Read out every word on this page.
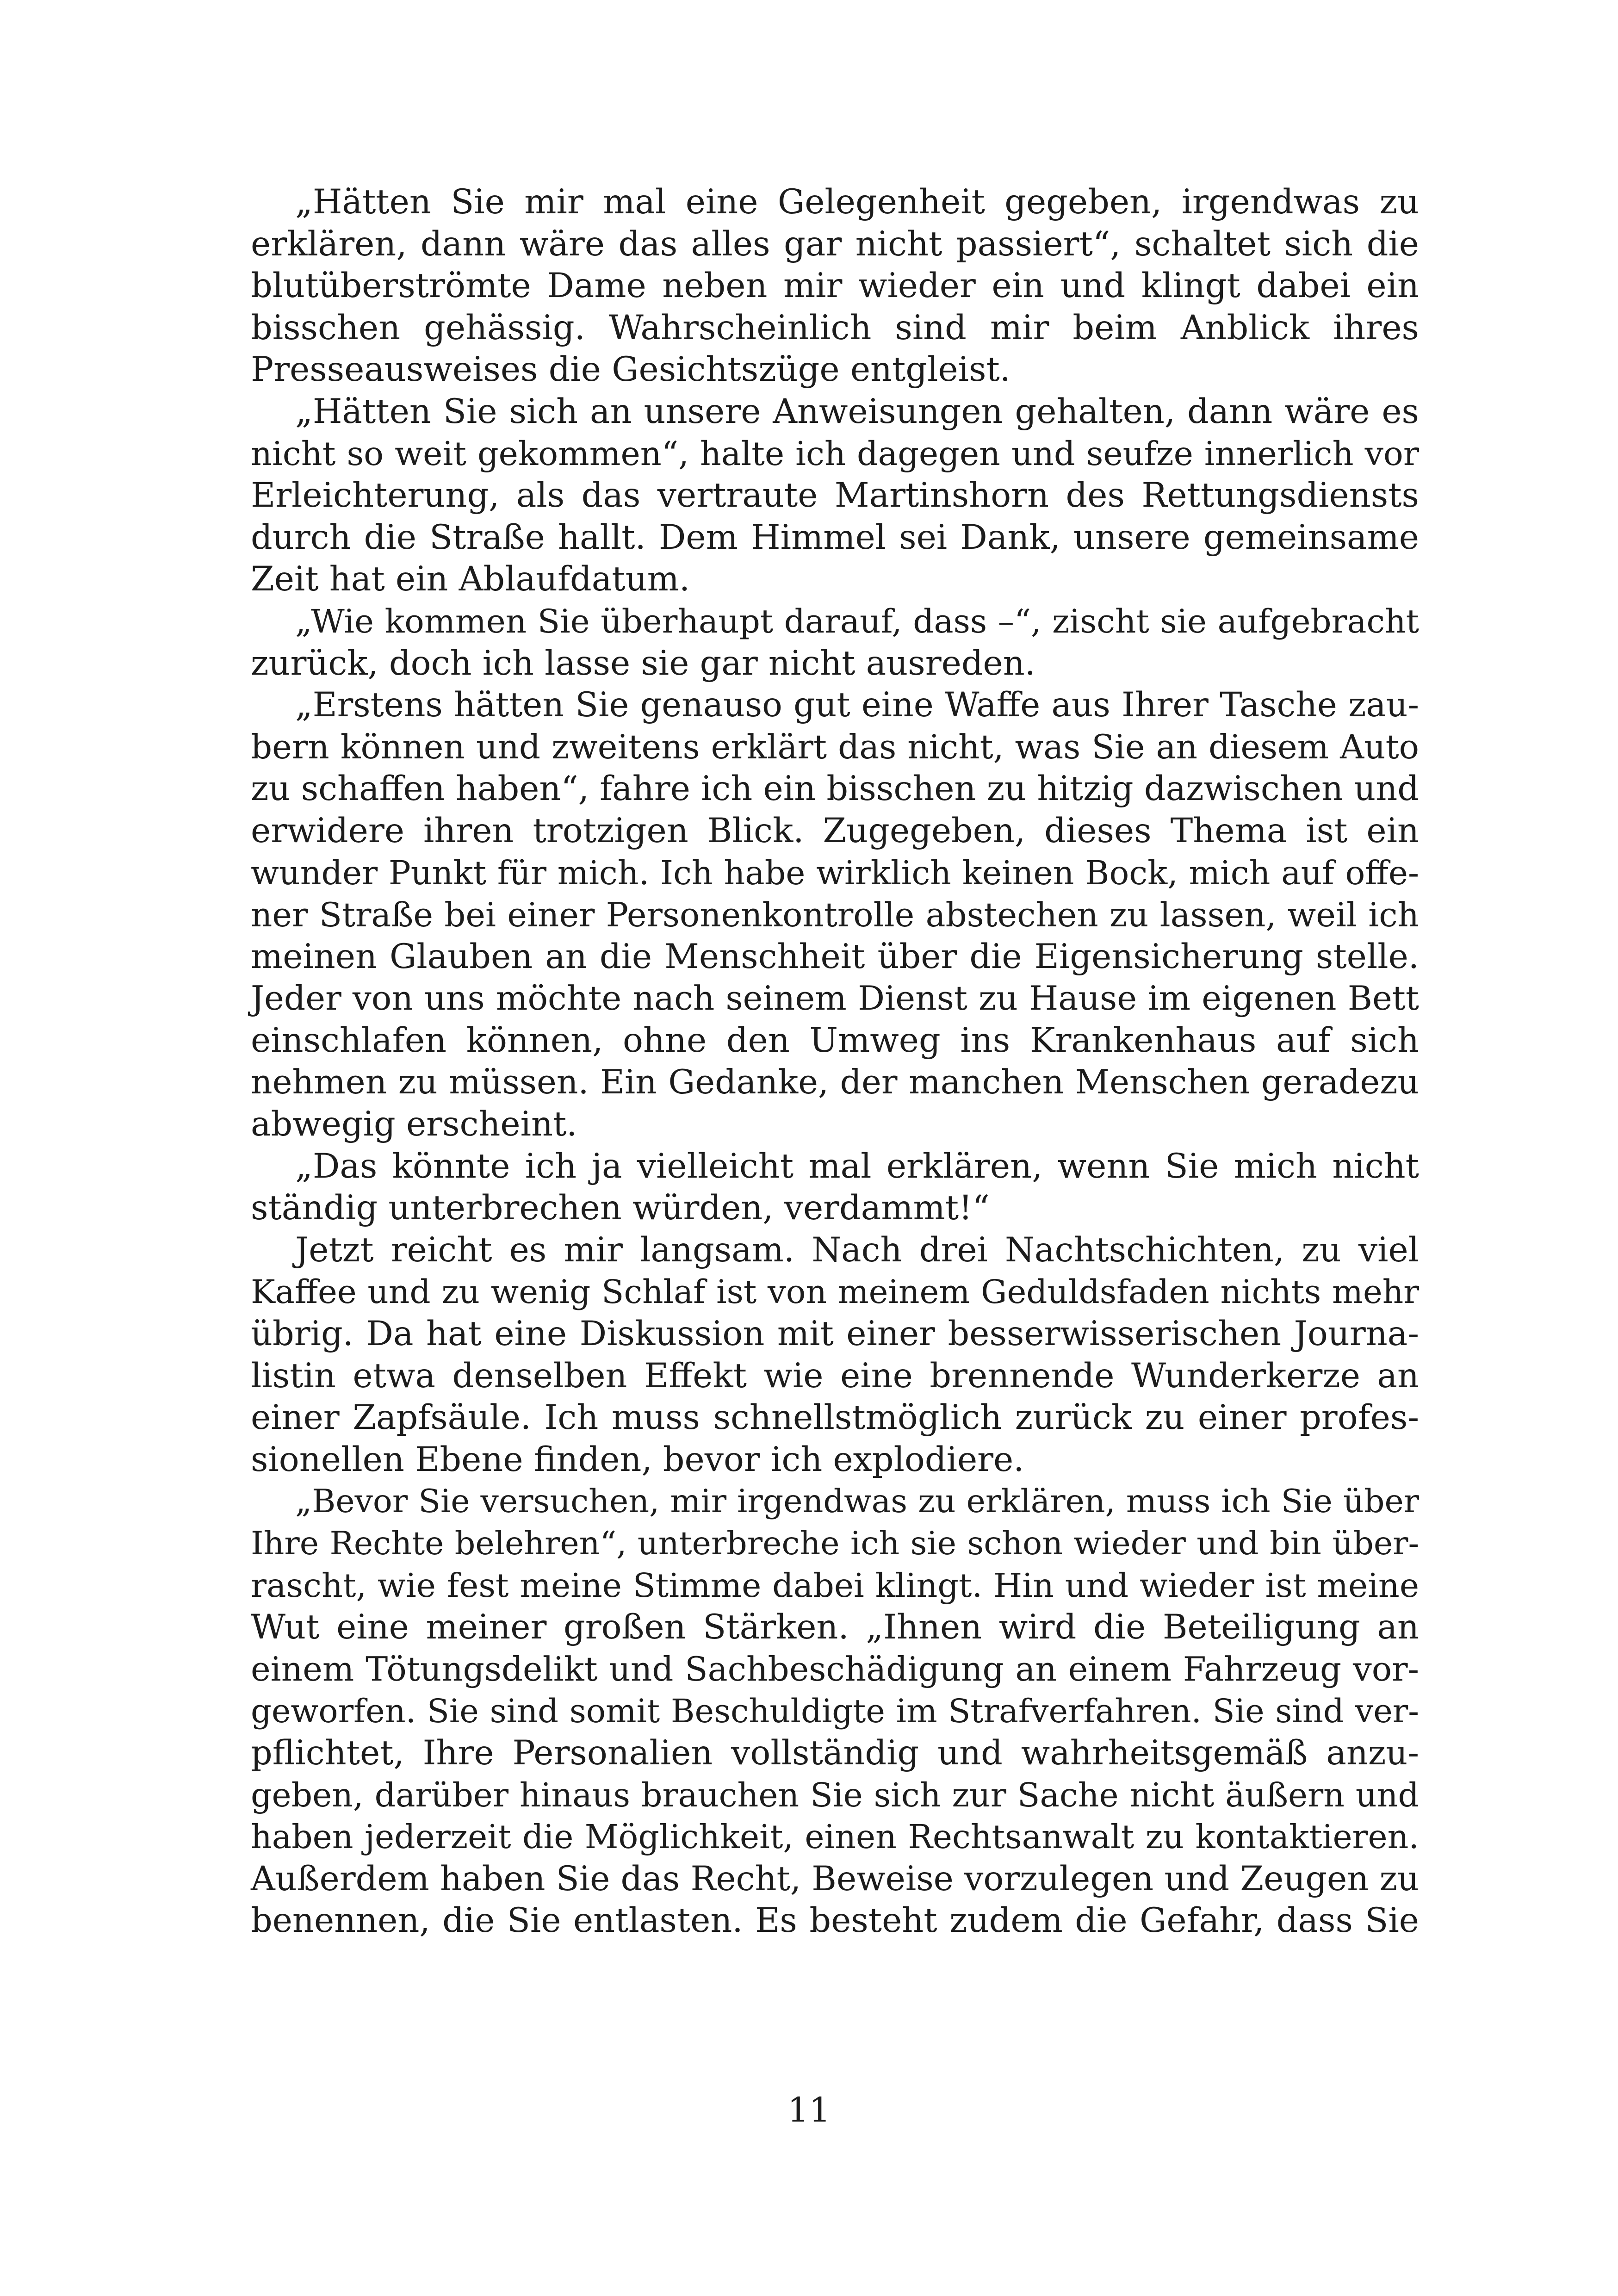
„Hätten Sie mir mal eine Gelegenheit gegeben, irgendwas zu
erklären, dann wäre das alles gar nicht passiert“, schaltet sich die
blutüberströmte Dame neben mir wieder ein und klingt dabei ein
bisschen gehässig. Wahrscheinlich sind mir beim Anblick ihres
Presseausweises die Gesichtszüge entgleist.
„Hätten Sie sich an unsere Anweisungen gehalten, dann wäre es
nicht so weit gekommen“, halte ich dagegen und seufze innerlich vor
Erleichterung, als das vertraute Martinshorn des Rettungsdiensts
durch die Straße hallt. Dem Himmel sei Dank, unsere gemeinsame
Zeit hat ein Ablaufdatum.
„Wie kommen Sie überhaupt darauf, dass –“, zischt sie aufgebracht
zurück, doch ich lasse sie gar nicht ausreden.
„Erstens hätten Sie genauso gut eine Waffe aus Ihrer Tasche zau-
bern können und zweitens erklärt das nicht, was Sie an diesem Auto
zu schaffen haben“, fahre ich ein bisschen zu hitzig dazwischen und
erwidere ihren trotzigen Blick. Zugegeben, dieses Thema ist ein
wunder Punkt für mich. Ich habe wirklich keinen Bock, mich auf offe-
ner Straße bei einer Personenkontrolle abstechen zu lassen, weil ich
meinen Glauben an die Menschheit über die Eigensicherung stelle.
Jeder von uns möchte nach seinem Dienst zu Hause im eigenen Bett
einschlafen können, ohne den Umweg ins Krankenhaus auf sich
nehmen zu müssen. Ein Gedanke, der manchen Menschen geradezu
abwegig erscheint.
„Das könnte ich ja vielleicht mal erklären, wenn Sie mich nicht
ständig unterbrechen würden, verdammt!“
Jetzt reicht es mir langsam. Nach drei Nachtschichten, zu viel
Kaffee und zu wenig Schlaf ist von meinem Geduldsfaden nichts mehr
übrig. Da hat eine Diskussion mit einer besserwisserischen Journa-
listin etwa denselben Effekt wie eine brennende Wunderkerze an
einer Zapfsäule. Ich muss schnellstmöglich zurück zu einer profes-
sionellen Ebene finden, bevor ich explodiere.
„Bevor Sie versuchen, mir irgendwas zu erklären, muss ich Sie über
Ihre Rechte belehren“, unterbreche ich sie schon wieder und bin über-
rascht, wie fest meine Stimme dabei klingt. Hin und wieder ist meine
Wut eine meiner großen Stärken. „Ihnen wird die Beteiligung an
einem Tötungsdelikt und Sachbeschädigung an einem Fahrzeug vor-
geworfen. Sie sind somit Beschuldigte im Strafverfahren. Sie sind ver-
pflichtet, Ihre Personalien vollständig und wahrheitsgemäß anzu-
geben, darüber hinaus brauchen Sie sich zur Sache nicht äußern und
haben jederzeit die Möglichkeit, einen Rechtsanwalt zu kontaktieren.
Außerdem haben Sie das Recht, Beweise vorzulegen und Zeugen zu
benennen, die Sie entlasten. Es besteht zudem die Gefahr, dass Sie
11
